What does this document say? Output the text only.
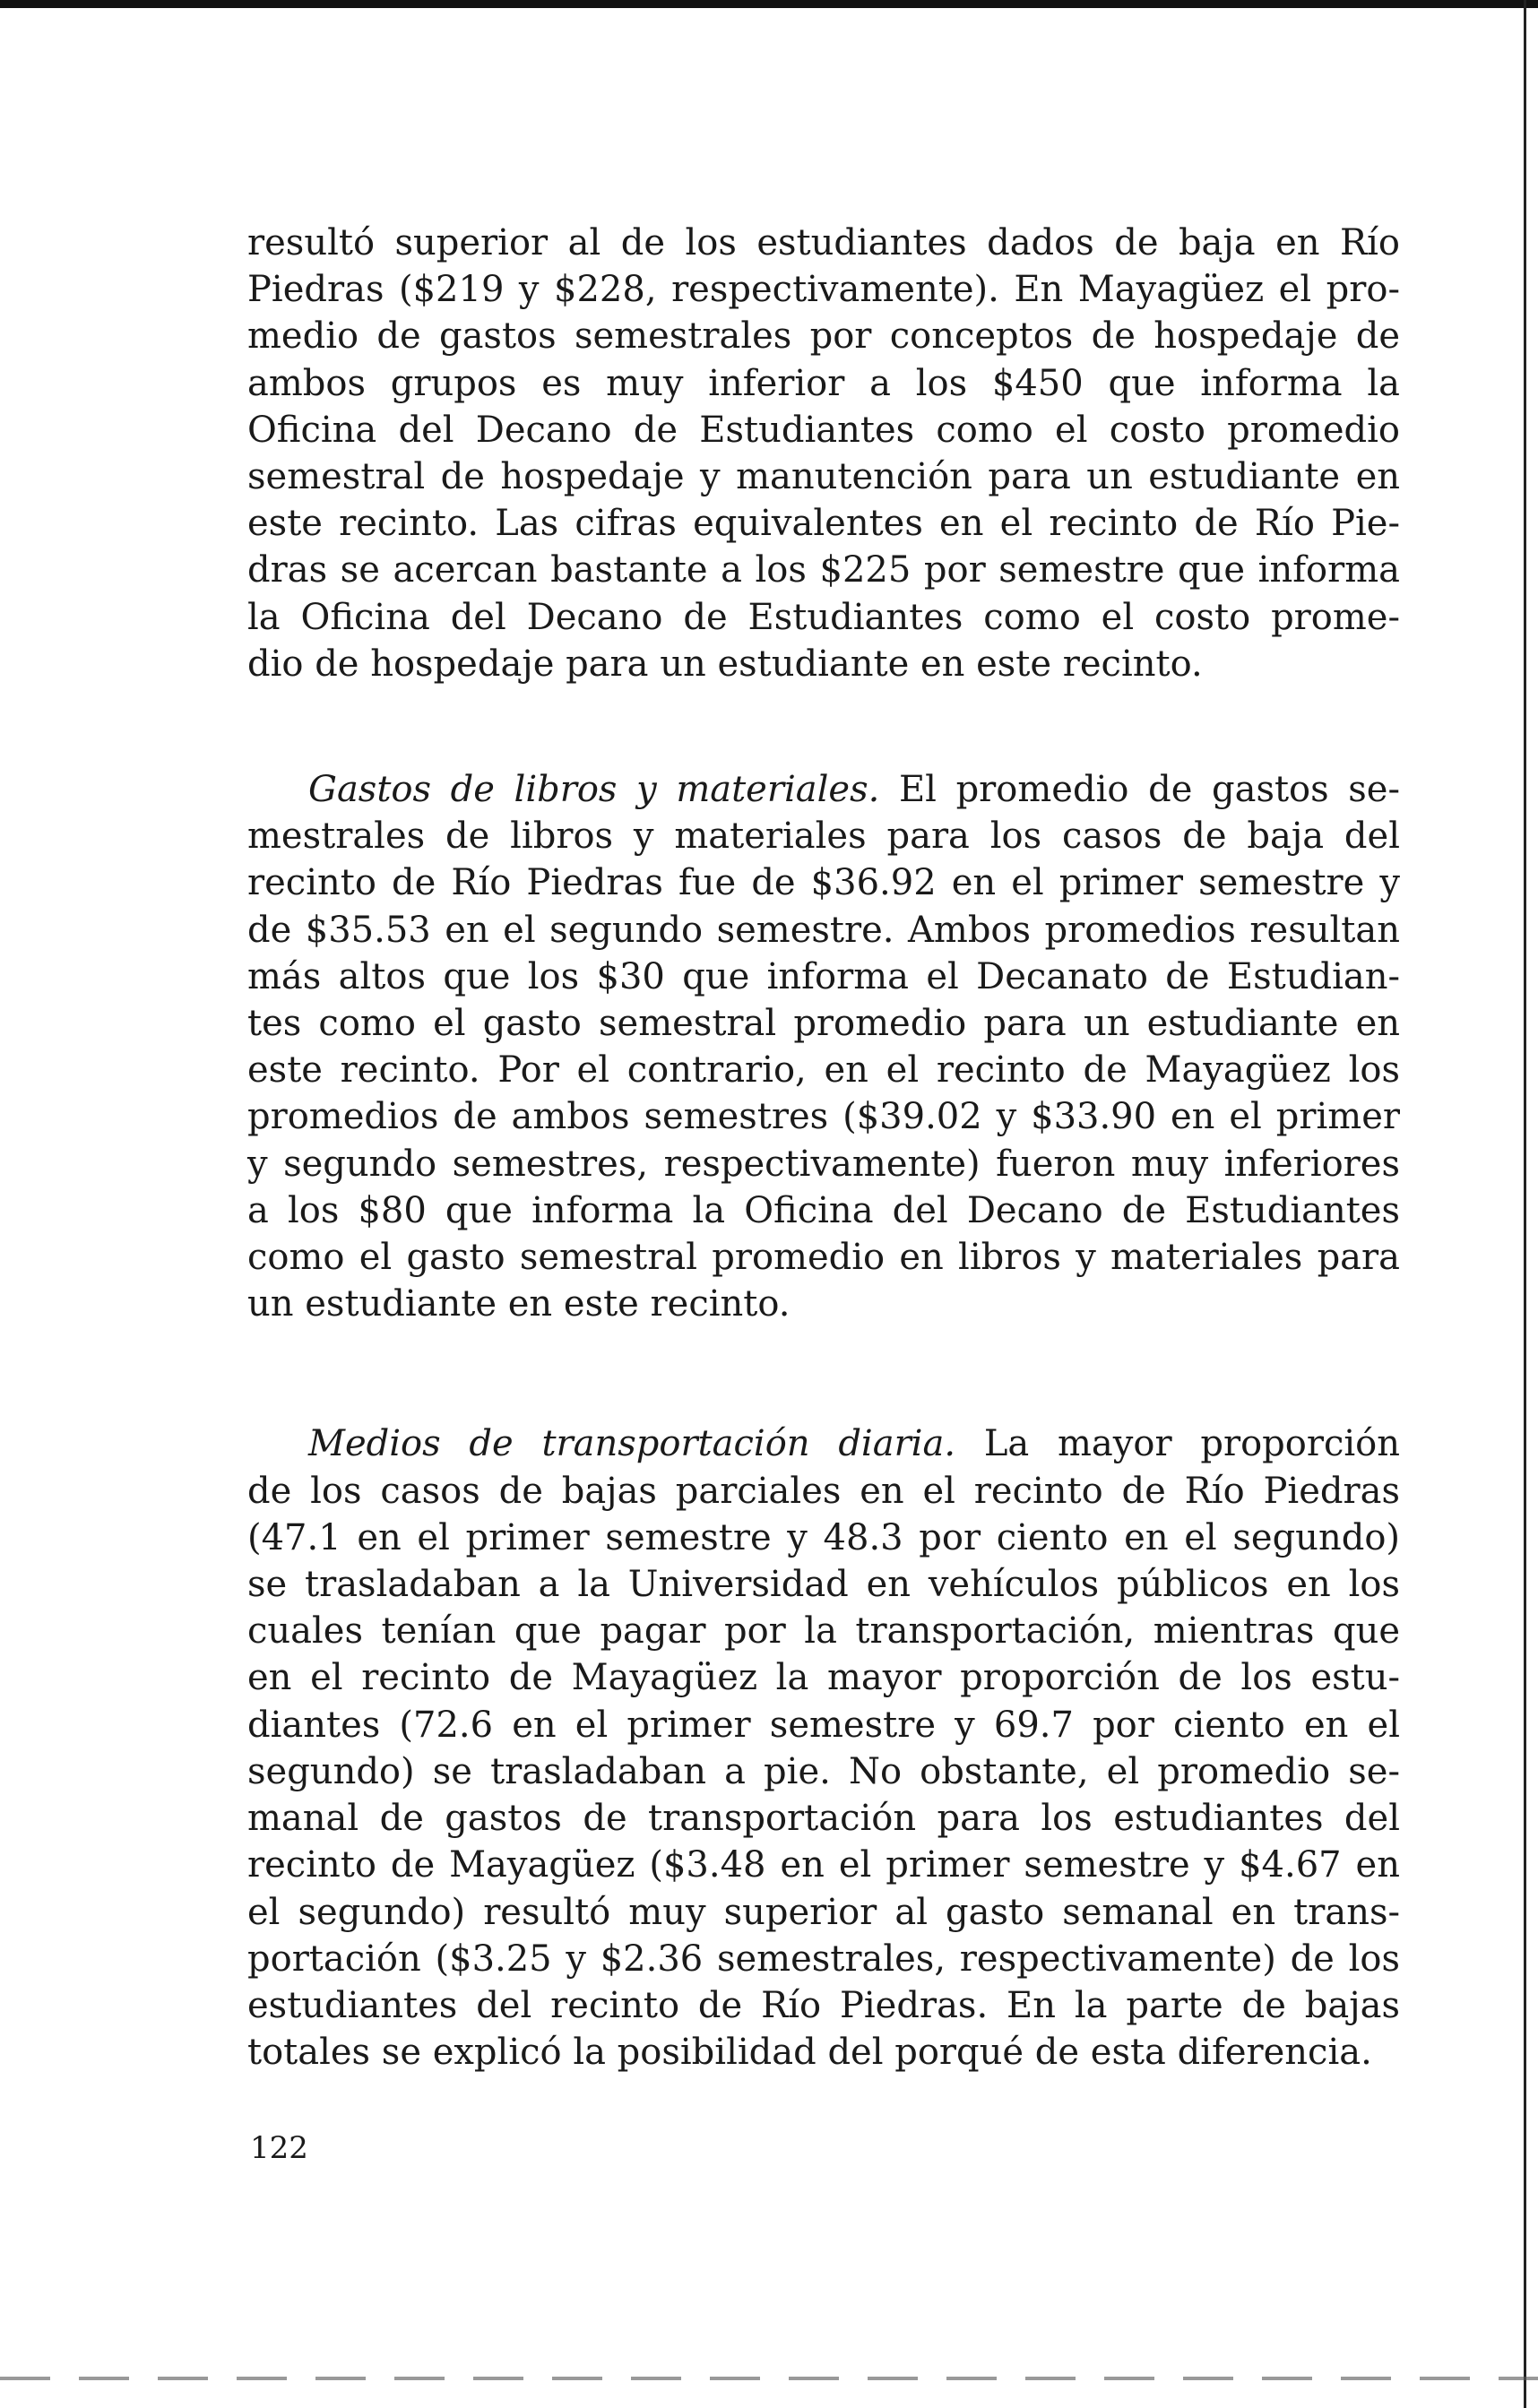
resultó superior al de los estudiantes dados de baja en Río
Piedras ($219 y $228, respectivamente). En Mayagüez el pro-
medio de gastos semestrales por conceptos de hospedaje de
ambos grupos es muy inferior a los $450 que informa la
Oficina del Decano de Estudiantes como el costo promedio
semestral de hospedaje y manutención para un estudiante en
este recinto. Las cifras equivalentes en el recinto de Río Pie-
dras se acercan bastante a los $225 por semestre que informa
la Oficina del Decano de Estudiantes como el costo prome-
dio de hospedaje para un estudiante en este recinto.

Gastos de libros y materiales. El promedio de gastos se-
mestrales de libros y materiales para los casos de baja del
recinto de Río Piedras fue de $36.92 en el primer semestre y
de $35.53 en el segundo semestre. Ambos promedios resultan
más altos que los $30 que informa el Decanato de Estudian-
tes como el gasto semestral promedio para un estudiante en
este recinto. Por el contrario, en el recinto de Mayagüez los
promedios de ambos semestres ($39.02 y $33.90 en el primer
y segundo semestres, respectivamente) fueron muy inferiores
a los $80 que informa la Oficina del Decano de Estudiantes
como el gasto semestral promedio en libros y materiales para
un estudiante en este recinto.

Medios de transportación diaria. La mayor proporción
de los casos de bajas parciales en el recinto de Río Piedras
(47.1 en el primer semestre y 48.3 por ciento en el segundo)
se trasladaban a la Universidad en vehículos públicos en los
cuales tenían que pagar por la transportación, mientras que
en el recinto de Mayagüez la mayor proporción de los estu-
diantes (72.6 en el primer semestre y 69.7 por ciento en el
segundo) se trasladaban a pie. No obstante, el promedio se-
manal de gastos de transportación para los estudiantes del
recinto de Mayagüez ($3.48 en el primer semestre y $4.67 en
el segundo) resultó muy superior al gasto semanal en trans-
portación ($3.25 y $2.36 semestrales, respectivamente) de los
estudiantes del recinto de Río Piedras. En la parte de bajas
totales se explicó la posibilidad del porqué de esta diferencia.

122
